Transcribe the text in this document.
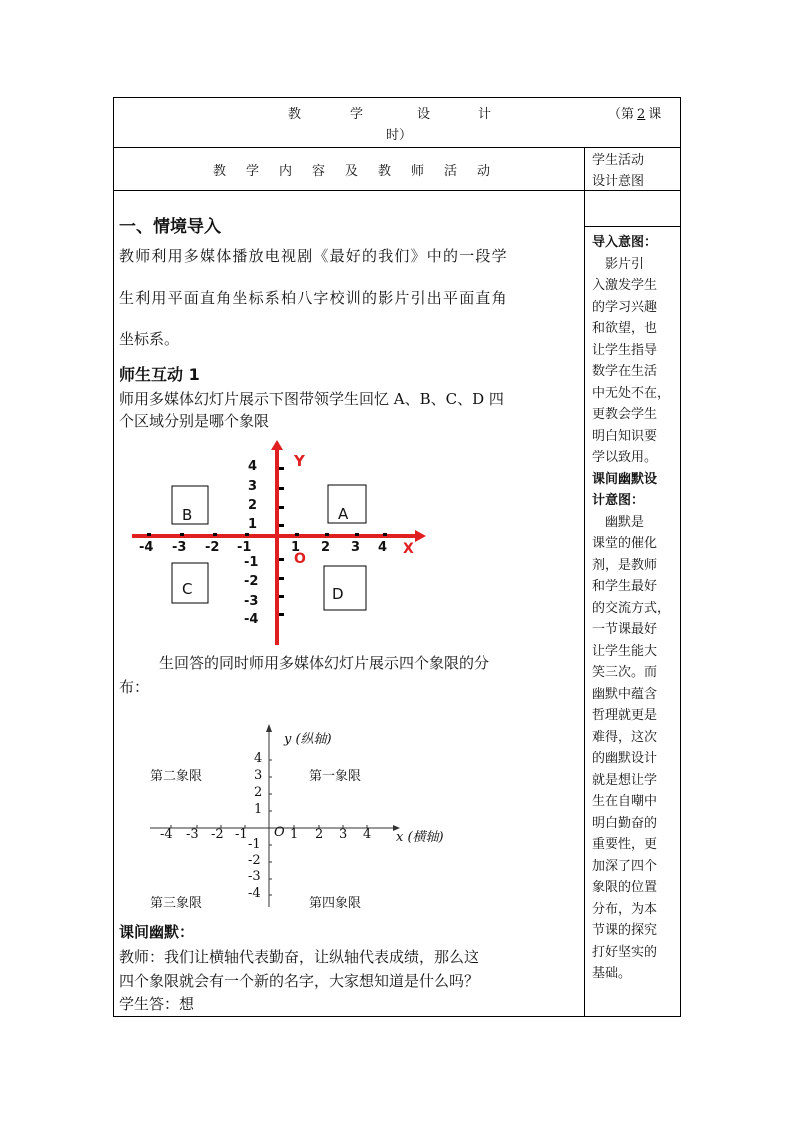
教	学	设	计	（第 2 课
时）
教 学 内 容 及 教 师 活 动
学生活动
设计意图
一、情境导入
教师利用多媒体播放电视剧《最好的我们》中的一段学
生利用平面直角坐标系柏八字校训的影片引出平面直角
坐标系。
师生互动 1
师用多媒体幻灯片展示下图带领学生回忆 A、B、C、D 四
个区域分别是哪个象限
Y
X
O
A
B
C	D
-4 -3 -2 -1	1 2 3 4
4
3
2
1
-1
-2
-3
-4
生回答的同时师用多媒体幻灯片展示四个象限的分
布：
y (纵轴)
x (横轴)
O
第一象限
第二象限
第三象限	第四象限
-4 -3 -2 -1	1 2 3 4
4
3
2
1
-1
-2
-3
-4
课间幽默：
教师：我们让横轴代表勤奋，让纵轴代表成绩，那么这
四个象限就会有一个新的名字，大家想知道是什么吗？
学生答：想

导入意图：

　影片引

入激发学生

的学习兴趣

和欲望，也

让学生指导

数学在生活

中无处不在，

更教会学生

明白知识要

学以致用。

课间幽默设

计意图：

　幽默是

课堂的催化

剂，是教师

和学生最好

的交流方式，

一节课最好

让学生能大

笑三次。而

幽默中蕴含

哲理就更是

难得，这次

的幽默设计

就是想让学

生在自嘲中

明白勤奋的

重要性，更

加深了四个

象限的位置

分布，为本

节课的探究

打好坚实的

基础。
